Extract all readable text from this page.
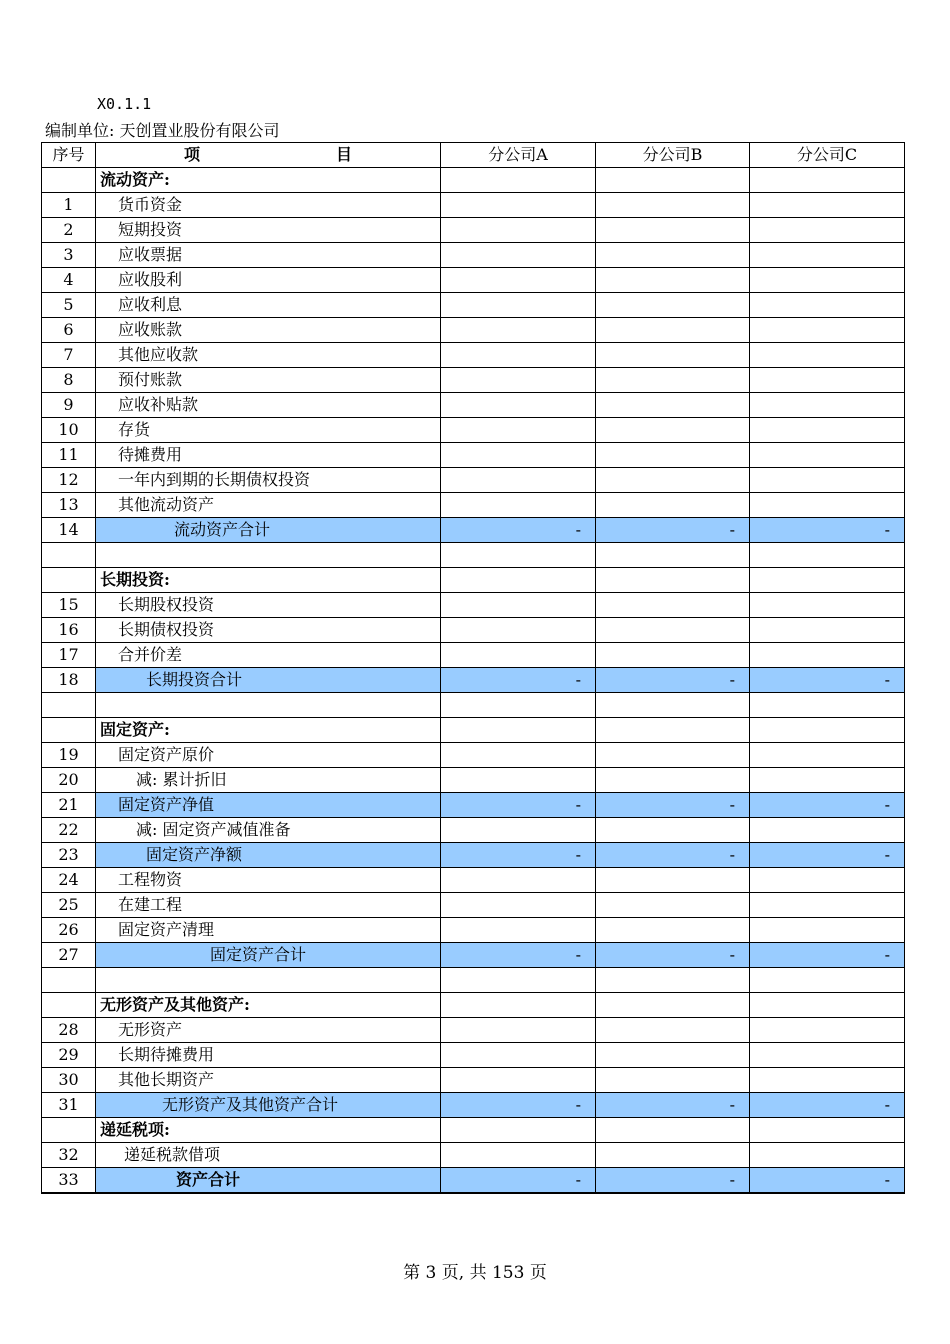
X0.1.1
编制单位: 天创置业股份有限公司
序号	项 目	分公司A	分公司B	分公司C
	流动资产:			
1	货币资金			
2	短期投资			
3	应收票据			
4	应收股利			
5	应收利息			
6	应收账款			
7	其他应收款			
8	预付账款			
9	应收补贴款			
10	存货			
11	待摊费用			
12	一年内到期的长期债权投资			
13	其他流动资产			
14	流动资产合计	-	-	-

	长期投资:			
15	长期股权投资			
16	长期债权投资			
17	合并价差			
18	长期投资合计	-	-	-

	固定资产:			
19	固定资产原价			
20	减: 累计折旧			
21	固定资产净值	-	-	-
22	减: 固定资产减值准备			
23	固定资产净额	-	-	-
24	工程物资			
25	在建工程			
26	固定资产清理			
27	固定资产合计	-	-	-

	无形资产及其他资产:			
28	无形资产			
29	长期待摊费用			
30	其他长期资产			
31	无形资产及其他资产合计	-	-	-
	递延税项:			
32	递延税款借项			
33	资产合计	-	-	-
第 3 页, 共 153 页
